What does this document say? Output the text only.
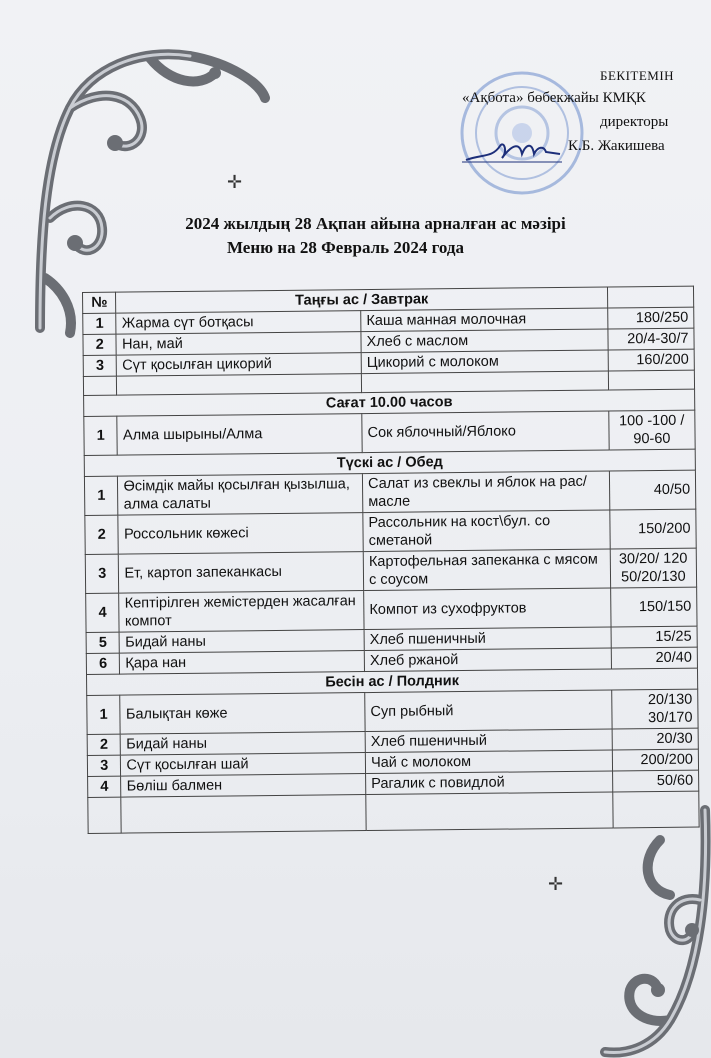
✛
✛
БЕКІТЕМІН
«Ақбота» бөбекжайы КМҚК
директоры
К.Б. Жакишева
2024 жылдың 28 Ақпан айына арналған ас мәзірі
Меню на 28 Февраль 2024 года
№	Таңғы ас / Завтрак		
1	Жарма сүт ботқасы	Каша манная молочная	180/250
2	Нан, май	Хлеб с маслом	20/4-30/7
3	Сүт қосылған цикорий	Цикорий с молоком	160/200

Сағат 10.00 часов			
1	Алма шырыны/Алма	Сок яблочный/Яблоко	100 -100 / 90-60
Түскі ас / Обед			
1	Өсімдік майы қосылған қызылша, алма салаты	Салат из свеклы и яблок на рас/масле	40/50
2	Россольник көжесі	Рассольник на кост\бул. со сметаной	150/200
3	Ет, картоп запеканкасы	Картофельная запеканка с мясом с соусом	30/20/ 120 50/20/130
4	Кептірілген жемістерден жасалған компот	Компот из сухофруктов	150/150
5	Бидай наны	Хлеб пшеничный	15/25
6	Қара нан	Хлеб ржаной	20/40
Бесін ас / Полдник			
1	Балықтан көже	Суп рыбный	20/130 30/170
2	Бидай наны	Хлеб пшеничный	20/30
3	Сүт қосылған шай	Чай с молоком	200/200
4	Бөліш балмен	Рагалик с повидлой	50/60
